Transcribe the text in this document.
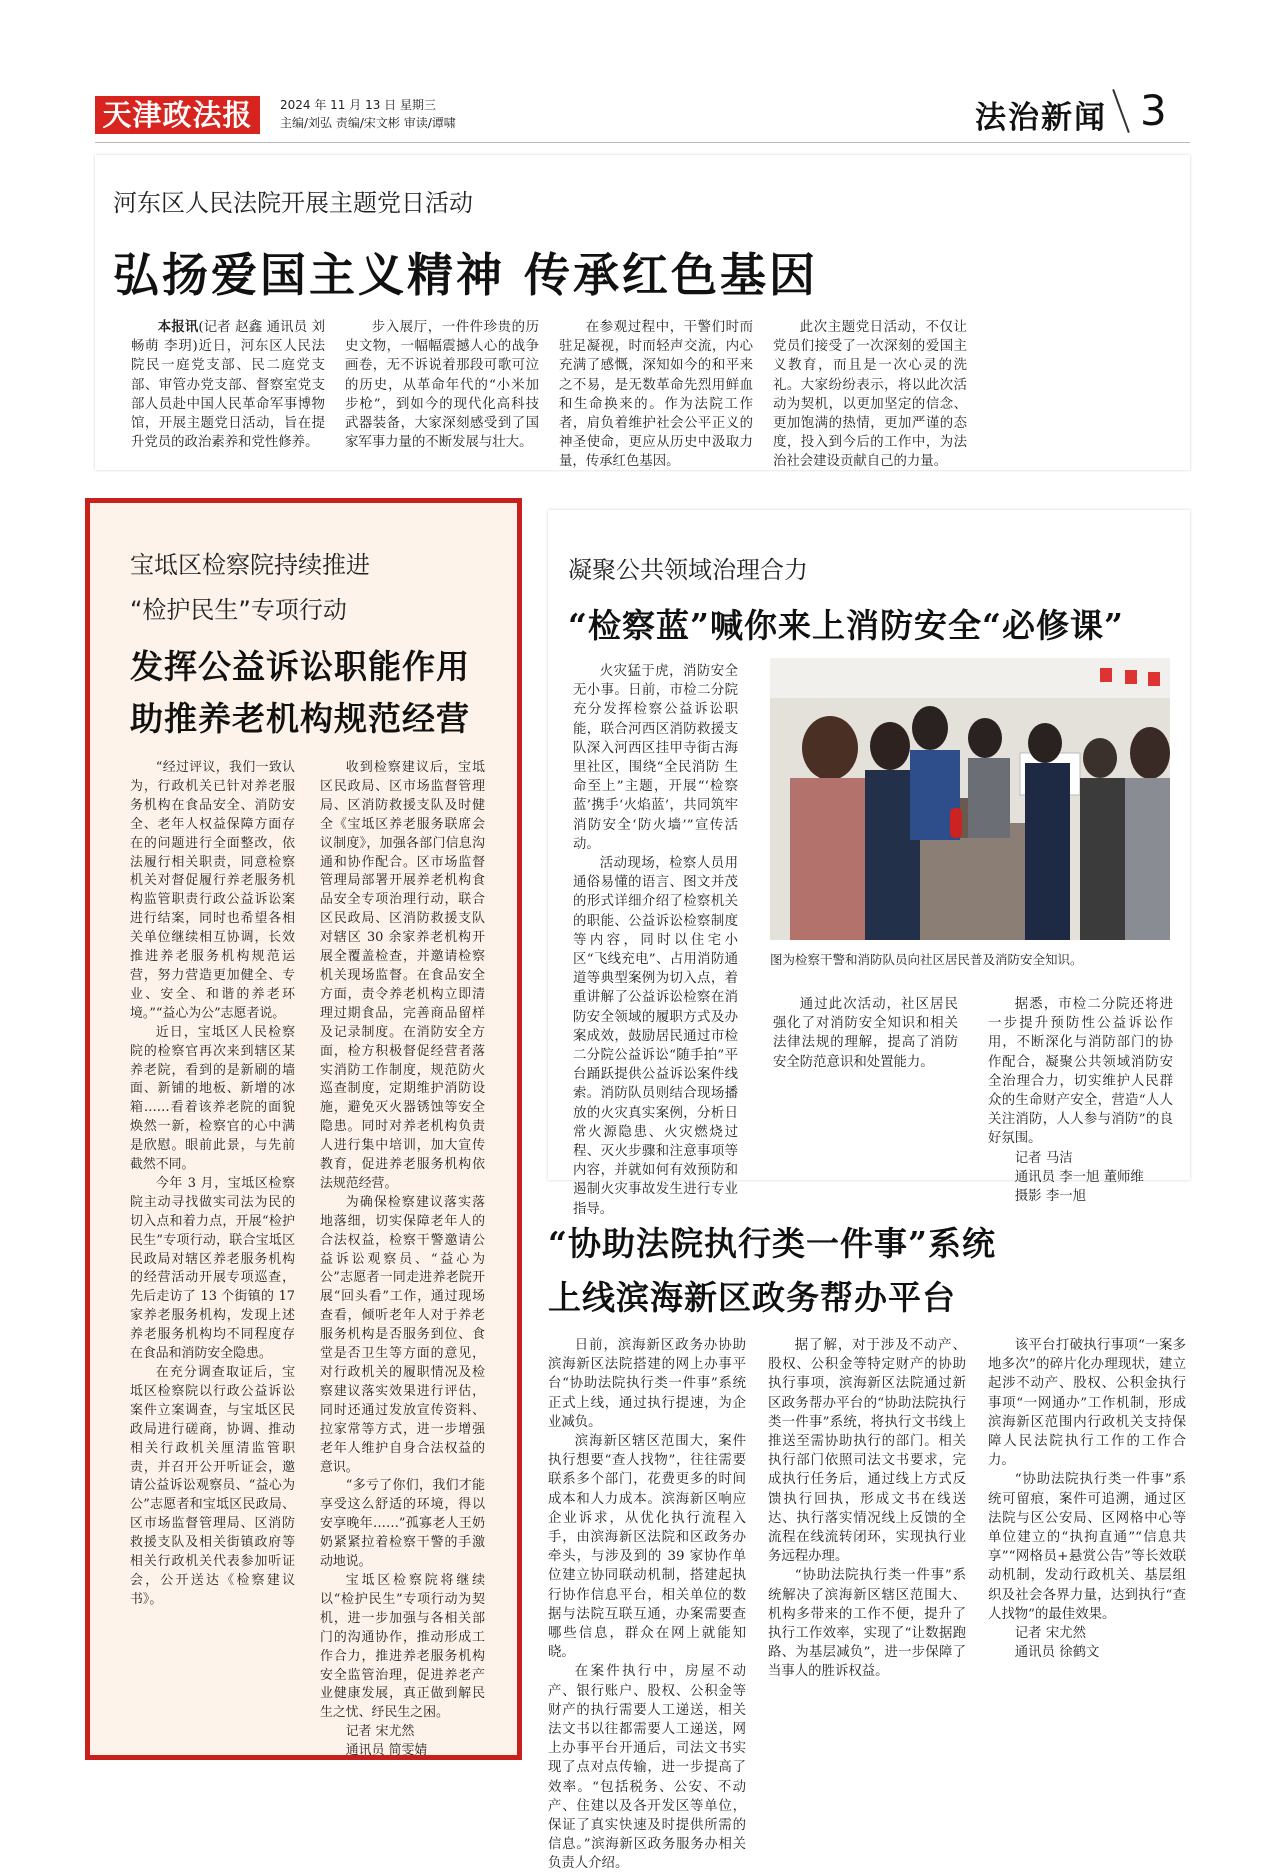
天津政法报	2024 年 11 月 13 日 星期三
主编/刘弘 责编/宋文彬 审读/谭啸	法治新闻 3
河东区人民法院开展主题党日活动
弘扬爱国主义精神 传承红色基因

本报讯(记者 赵鑫 通讯员 刘畅萌 李玥)近日，河东区人民法院民一庭党支部、民二庭党支部、审管办党支部、督察室党支部人员赴中国人民革命军事博物馆，开展主题党日活动，旨在提升党员的政治素养和党性修养。

步入展厅，一件件珍贵的历史文物，一幅幅震撼人心的战争画卷，无不诉说着那段可歌可泣的历史，从革命年代的“小米加步枪”，到如今的现代化高科技武器装备，大家深刻感受到了国家军事力量的不断发展与壮大。

在参观过程中，干警们时而驻足凝视，时而轻声交流，内心充满了感慨，深知如今的和平来之不易，是无数革命先烈用鲜血和生命换来的。作为法院工作者，肩负着维护社会公平正义的神圣使命，更应从历史中汲取力量，传承红色基因。

此次主题党日活动，不仅让党员们接受了一次深刻的爱国主义教育，而且是一次心灵的洗礼。大家纷纷表示，将以此次活动为契机，以更加坚定的信念、更加饱满的热情，更加严谨的态度，投入到今后的工作中，为法治社会建设贡献自己的力量。

宝坻区检察院持续推进
“检护民生”专项行动
发挥公益诉讼职能作用
助推养老机构规范经营

“经过评议，我们一致认为，行政机关已针对养老服务机构在食品安全、消防安全、老年人权益保障方面存在的问题进行全面整改，依法履行相关职责，同意检察机关对督促履行养老服务机构监管职责行政公益诉讼案进行结案，同时也希望各相关单位继续相互协调，长效推进养老服务机构规范运营，努力营造更加健全、专业、安全、和谐的养老环境。”“益心为公”志愿者说。

近日，宝坻区人民检察院的检察官再次来到辖区某养老院，看到的是新刷的墙面、新铺的地板、新增的冰箱……看着该养老院的面貌焕然一新，检察官的心中满是欣慰。眼前此景，与先前截然不同。

今年 3 月，宝坻区检察院主动寻找做实司法为民的切入点和着力点，开展“检护民生”专项行动，联合宝坻区民政局对辖区养老服务机构的经营活动开展专项巡查，先后走访了 13 个街镇的 17 家养老服务机构，发现上述养老服务机构均不同程度存在食品和消防安全隐患。

在充分调查取证后，宝坻区检察院以行政公益诉讼案件立案调查，与宝坻区民政局进行磋商，协调、推动相关行政机关厘清监管职责，并召开公开听证会，邀请公益诉讼观察员、“益心为公”志愿者和宝坻区民政局、区市场监督管理局、区消防救援支队及相关街镇政府等相关行政机关代表参加听证会，公开送达《检察建议书》。

收到检察建议后，宝坻区民政局、区市场监督管理局、区消防救援支队及时健全《宝坻区养老服务联席会议制度》，加强各部门信息沟通和协作配合。区市场监督管理局部署开展养老机构食品安全专项治理行动，联合区民政局、区消防救援支队对辖区 30 余家养老机构开展全覆盖检查，并邀请检察机关现场监督。在食品安全方面，责令养老机构立即清理过期食品，完善商品留样及记录制度。在消防安全方面，检方积极督促经营者落实消防工作制度，规范防火巡查制度，定期维护消防设施，避免灭火器锈蚀等安全隐患。同时对养老机构负责人进行集中培训，加大宣传教育，促进养老服务机构依法规范经营。

为确保检察建议落实落地落细，切实保障老年人的合法权益，检察干警邀请公益诉讼观察员、“益心为公”志愿者一同走进养老院开展“回头看”工作，通过现场查看，倾听老年人对于养老服务机构是否服务到位、食堂是否卫生等方面的意见，对行政机关的履职情况及检察建议落实效果进行评估，同时还通过发放宣传资料、拉家常等方式，进一步增强老年人维护自身合法权益的意识。

“多亏了你们，我们才能享受这么舒适的环境，得以安享晚年……”孤寡老人王奶奶紧紧拉着检察干警的手激动地说。

宝坻区检察院将继续以“检护民生”专项行动为契机，进一步加强与各相关部门的沟通协作，推动形成工作合力，推进养老服务机构安全监管治理，促进养老产业健康发展，真正做到解民生之忧、纾民生之困。

记者 宋尤然

通讯员 简雯婧

凝聚公共领域治理合力
“检察蓝”喊你来上消防安全“必修课”

火灾猛于虎，消防安全无小事。日前，市检二分院充分发挥检察公益诉讼职能，联合河西区消防救援支队深入河西区挂甲寺街古海里社区，围绕“全民消防 生命至上”主题，开展“‘检察蓝’携手‘火焰蓝’，共同筑牢消防安全‘防火墙’”宣传活动。

活动现场，检察人员用通俗易懂的语言、图文并茂的形式详细介绍了检察机关的职能、公益诉讼检察制度等内容，同时以住宅小区“飞线充电”、占用消防通道等典型案例为切入点，着重讲解了公益诉讼检察在消防安全领域的履职方式及办案成效，鼓励居民通过市检二分院公益诉讼“随手拍”平台踊跃提供公益诉讼案件线索。消防队员则结合现场播放的火灾真实案例，分析日常火源隐患、火灾燃烧过程、灭火步骤和注意事项等内容，并就如何有效预防和遏制火灾事故发生进行专业指导。

图为检察干警和消防队员向社区居民普及消防安全知识。

通过此次活动，社区居民强化了对消防安全知识和相关法律法规的理解，提高了消防安全防范意识和处置能力。

据悉，市检二分院还将进一步提升预防性公益诉讼作用，不断深化与消防部门的协作配合，凝聚公共领域消防安全治理合力，切实维护人民群众的生命财产安全，营造“人人关注消防，人人参与消防”的良好氛围。

记者 马洁

通讯员 李一旭 董师维

摄影 李一旭

“协助法院执行类一件事”系统
上线滨海新区政务帮办平台

日前，滨海新区政务办协助滨海新区法院搭建的网上办事平台“协助法院执行类一件事”系统正式上线，通过执行提速，为企业减负。

滨海新区辖区范围大，案件执行想要“查人找物”，往往需要联系多个部门，花费更多的时间成本和人力成本。滨海新区响应企业诉求，从优化执行流程入手，由滨海新区法院和区政务办牵头，与涉及到的 39 家协作单位建立协同联动机制，搭建起执行协作信息平台，相关单位的数据与法院互联互通，办案需要查哪些信息，群众在网上就能知晓。

在案件执行中，房屋不动产、银行账户、股权、公积金等财产的执行需要人工递送，相关法文书以往都需要人工递送，网上办事平台开通后，司法文书实现了点对点传输，进一步提高了效率。“包括税务、公安、不动产、住建以及各开发区等单位，保证了真实快速及时提供所需的信息。”滨海新区政务服务办相关负责人介绍。

据了解，对于涉及不动产、股权、公积金等特定财产的协助执行事项，滨海新区法院通过新区政务帮办平台的“协助法院执行类一件事”系统，将执行文书线上推送至需协助执行的部门。相关执行部门依照司法文书要求，完成执行任务后，通过线上方式反馈执行回执，形成文书在线送达、执行落实情况线上反馈的全流程在线流转闭环，实现执行业务远程办理。

“协助法院执行类一件事”系统解决了滨海新区辖区范围大、机构多带来的工作不便，提升了执行工作效率，实现了“让数据跑路、为基层减负”，进一步保障了当事人的胜诉权益。

该平台打破执行事项“一案多地多次”的碎片化办理现状，建立起涉不动产、股权、公积金执行事项“一网通办”工作机制，形成滨海新区范围内行政机关支持保障人民法院执行工作的工作合力。

“协助法院执行类一件事”系统可留痕，案件可追溯，通过区法院与区公安局、区网格中心等单位建立的“执拘直通”“信息共享”“网格员+悬赏公告”等长效联动机制，发动行政机关、基层组织及社会各界力量，达到执行“查人找物”的最佳效果。

记者 宋尤然

通讯员 徐鹤文
